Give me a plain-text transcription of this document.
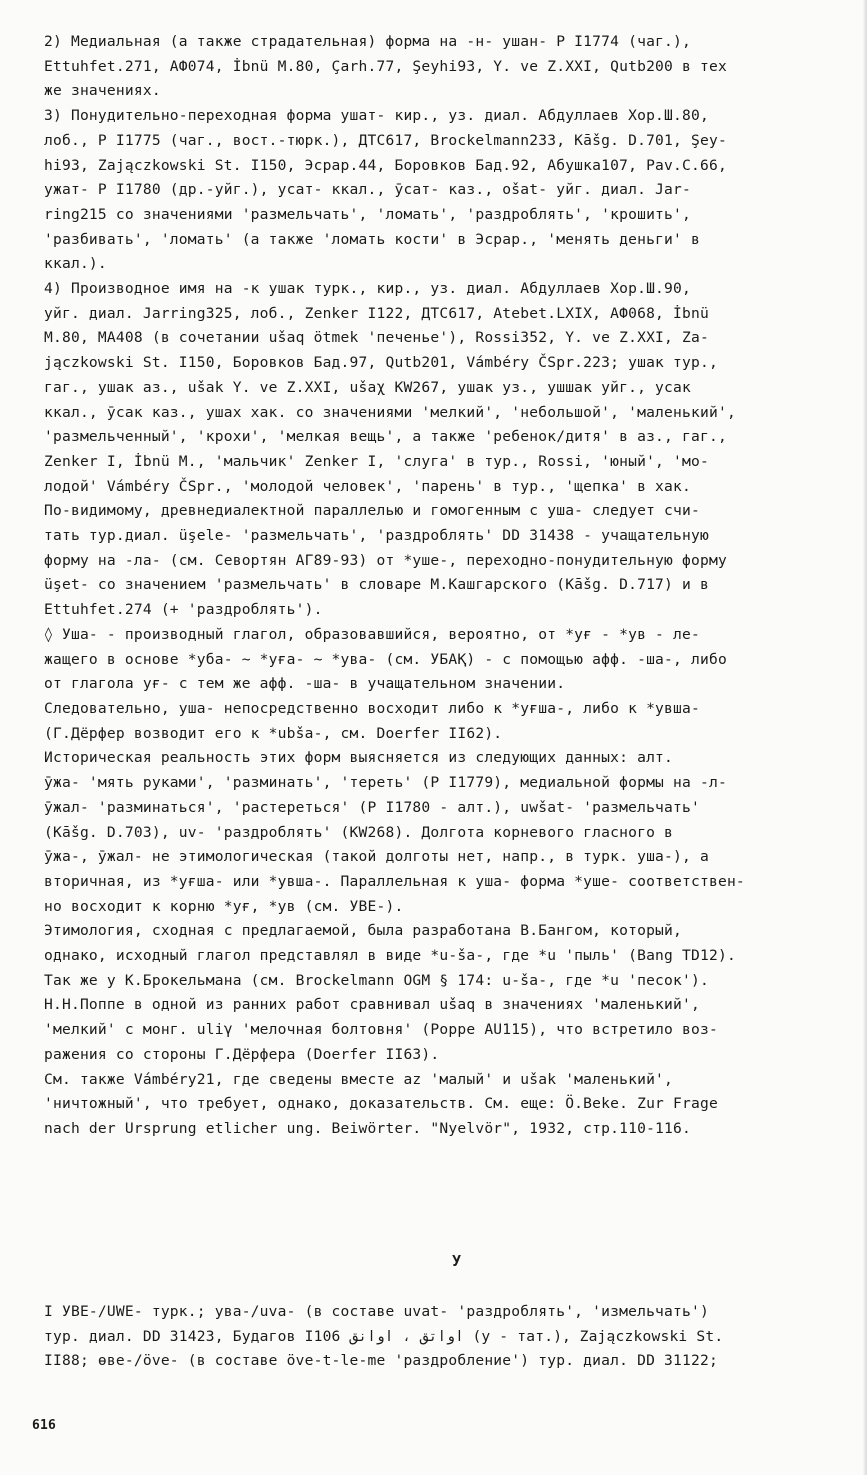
2) Медиальная (а также страдательная) форма на -н- ушан- Р I1774 (чаг.),

Ettuhfet.271, АФ074, İbnü M.80, Çarh.77, Şeyhi93, Y. ve Z.XXI, Qutb200 в тех

же значениях.

3) Понудительно-переходная форма ушат- кир., уз. диал. Абдуллаев Хор.Ш.80,

лоб., Р I1775 (чаг., вост.-тюрк.), ДТС617, Brockelmann233, Kāšg. D.701, Şey-

hi93, Zajączkowski St. I150, Эсрар.44, Боровков Бад.92, Абушка107, Pav.C.66,

ужат- Р I1780 (др.-уйг.), усат- ккал., ӯсат- каз., ošat- уйг. диал. Jar-

ring215 со значениями 'размельчать', 'ломать', 'раздроблять', 'крошить',

'разбивать', 'ломать' (а также 'ломать кости' в Эсрар., 'менять деньги' в

ккал.).

4) Производное имя на -к ушак турк., кир., уз. диал. Абдуллаев Хор.Ш.90,

уйг. диал. Jarring325, лоб., Zenker I122, ДТС617, Atebet.LXIX, АФ068, İbnü

M.80, МА408 (в сочетании ušaq ötmek 'печенье'), Rossi352, Y. ve Z.XXI, Za-

jączkowski St. I150, Боровков Бад.97, Qutb201, Vámbéry ČSpr.223; ушак тур.,

гаг., ушак аз., ušak Y. ve Z.XXI, ušaχ KW267, ушак уз., ушшак уйг., усак

ккал., ӯсак каз., ушах хак. со значениями 'мелкий', 'небольшой', 'маленький',

'размельченный', 'крохи', 'мелкая вещь', а также 'ребенок/дитя' в аз., гаг.,

Zenker I, İbnü M., 'мальчик' Zenker I, 'слуга' в тур., Rossi, 'юный', 'мо-

лодой' Vámbéry ČSpr., 'молодой человек', 'парень' в тур., 'щепка' в хак.

По-видимому, древнедиалектной параллелью и гомогенным с уша- следует счи-

тать тур.диал. üşele- 'размельчать', 'раздроблять' DD 31438 - учащательную

форму на -ла- (см. Севортян АГ89-93) от *уше-, переходно-понудительную форму

üşet- со значением 'размельчать' в словаре М.Кашгарского (Kāšg. D.717) и в

Ettuhfet.274 (+ 'раздроблять').

◊ Уша- - производный глагол, образовавшийся, вероятно, от *уғ - *ув - ле-

жащего в основе *уба- ~ *уға- ~ *ува- (см. УБАҚ) - с помощью афф. -ша-, либо

от глагола уғ- с тем же афф. -ша- в учащательном значении.

Следовательно, уша- непосредственно восходит либо к *уғша-, либо к *увша-

(Г.Дёрфер возводит его к *ubša-, см. Doerfer II62).

Историческая реальность этих форм выясняется из следующих данных: алт.

ӯжа- 'мять руками', 'разминать', 'тереть' (Р I1779), медиальной формы на -л-

ӯжал- 'разминаться', 'растереться' (Р I1780 - алт.), uwšat- 'размельчать'

(Kāšg. D.703), uv- 'раздроблять' (KW268). Долгота корневого гласного в

ӯжа-, ӯжал- не этимологическая (такой долготы нет, напр., в турк. уша-), а

вторичная, из *уғша- или *увша-. Параллельная к уша- форма *уше- соответствен-

но восходит к корню *уғ, *ув (см. УВЕ-).

Этимология, сходная с предлагаемой, была разработана В.Бангом, который,

однако, исходный глагол представлял в виде *u-ša-, где *u 'пыль' (Bang TD12).

Так же у К.Брокельмана (см. Brockelmann OGM § 174: u-ša-, где *u 'песок').

Н.Н.Поппе в одной из ранних работ сравнивал ušaq в значениях 'маленький',

'мелкий' с монг. uliγ 'мелочная болтовня' (Poppe AU115), что встретило воз-

ражения со стороны Г.Дёрфера (Doerfer II63).

См. также Vámbéry21, где сведены вместе az 'малый' и ušak 'маленький',

'ничтожный', что требует, однако, доказательств. См. еще: Ö.Beke. Zur Frage

nach der Ursprung etlicher ung. Beiwörter. "Nyelvör", 1932, стр.110-116.

У

I УВЕ-/UWE- турк.; ува-/uva- (в составе uvat- 'раздроблять', 'измельчать')

тур. диал. DD 31423, Будагов I106 اواتق ، اوانق (у - тат.), Zajączkowski St.

II88; өве-/öve- (в составе öve-t-le-me 'раздробление') тур. диал. DD 31122;

616
